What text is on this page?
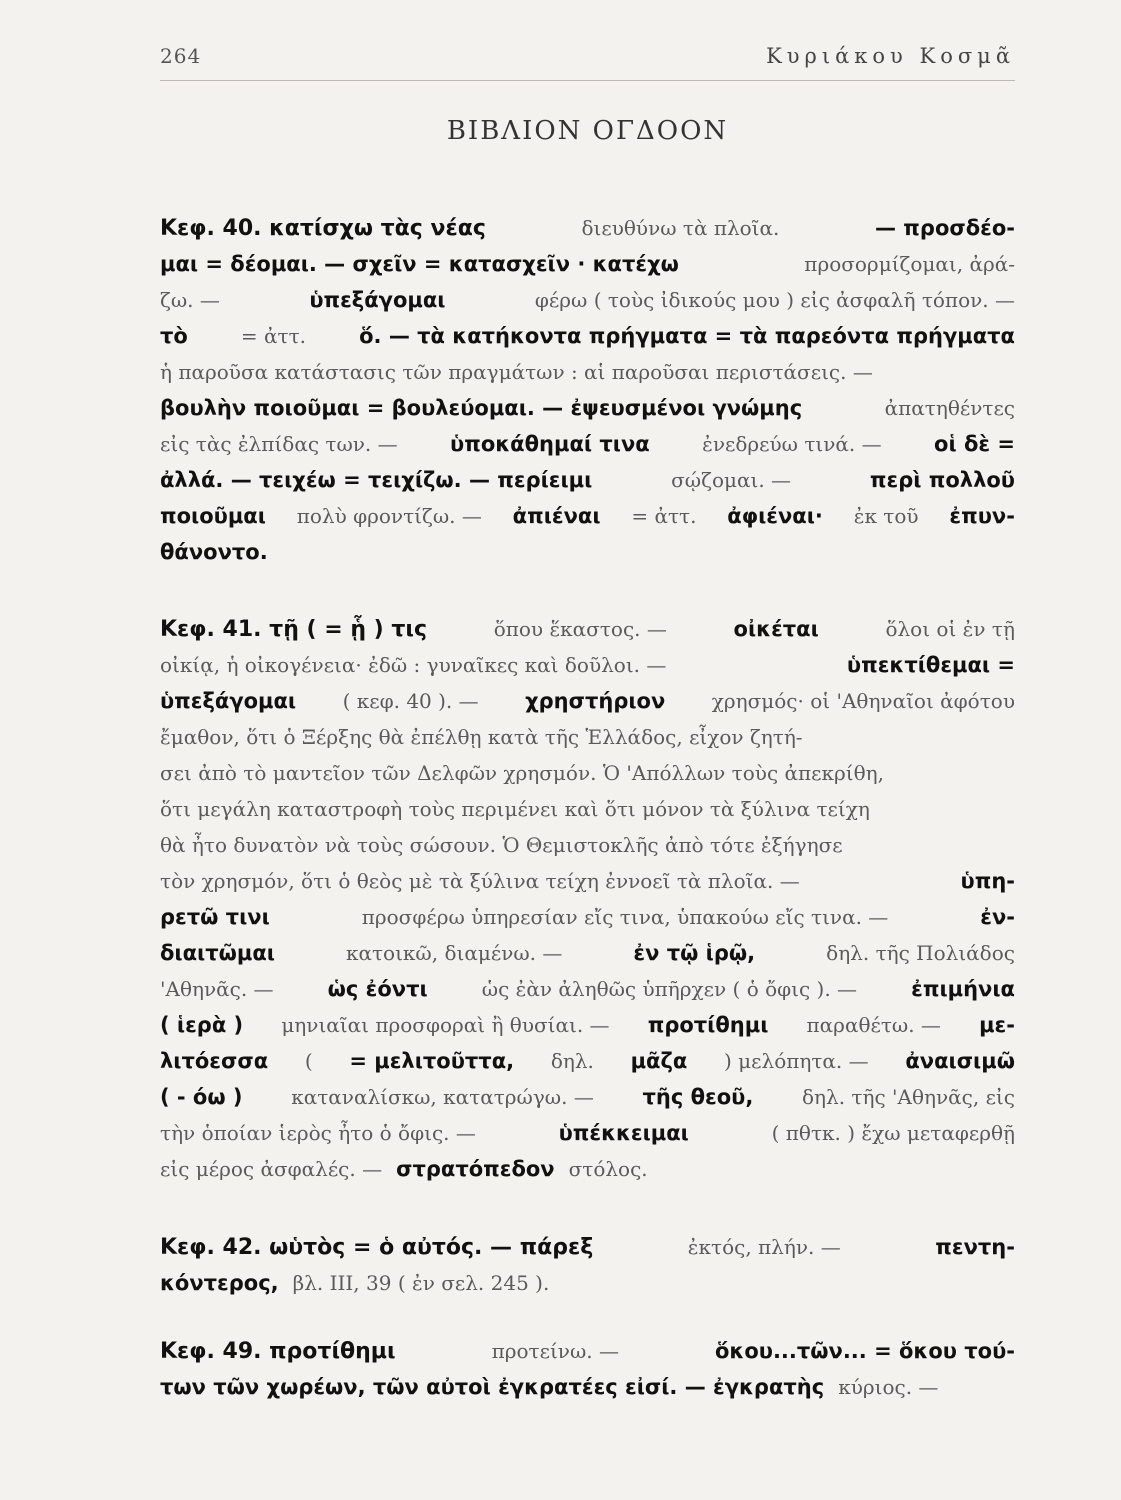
264	Κυριάκου Κοσμᾶ
ΒΙΒΛΙΟΝ ΟΓΔΟΟΝ
Κεφ. 40. κατίσχω τὰς νέας	διευθύνω τὰ πλοῖα.	— προσδέο-
μαι = δέομαι. — σχεῖν = κατασχεῖν · κατέχω	προσορμίζομαι, ἀρά-
ζω. —	ὑπεξάγομαι	φέρω ( τοὺς ἰδικούς μου ) εἰς ἀσφαλῆ τόπον. —
τὸ	= ἀττ.	ὅ. — τὰ κατήκοντα πρήγματα = τὰ παρεόντα πρήγματα
ἡ παροῦσα κατάστασις τῶν πραγμάτων : αἱ παροῦσαι περιστάσεις. —
βουλὴν ποιοῦμαι = βουλεύομαι. — ἐψευσμένοι γνώμης	ἀπατηθέντες
εἰς τὰς ἐλπίδας των. — ὑποκάθημαί τινα	ἐνεδρεύω τινά. — οἱ δὲ =
ἀλλά. — τειχέω = τειχίζω. — περίειμι	σῴζομαι. —	περὶ πολλοῦ
ποιοῦμαι πολὺ φροντίζω. — ἀπιέναι = ἀττ. ἀφιέναι· ἐκ τοῦ ἐπυν-
θάνοντο.
Κεφ. 41. τῇ ( = ᾗ ) τις	ὅπου ἕκαστος. —	οἰκέται	ὅλοι οἱ ἐν τῇ
οἰκίᾳ, ἡ οἰκογένεια· ἐδῶ : γυναῖκες καὶ δοῦλοι. —	ὑπεκτίθεμαι =
ὑπεξάγομαι ( κεφ. 40 ). — χρηστήριον χρησμός· οἱ 'Αθηναῖοι ἀφότου
ἔμαθον, ὅτι ὁ Ξέρξης θὰ ἐπέλθῃ κατὰ τῆς Ἑλλάδος, εἶχον ζητή-
σει ἀπὸ τὸ μαντεῖον τῶν Δελφῶν χρησμόν. Ὁ 'Απόλλων τοὺς ἀπεκρίθη,
ὅτι μεγάλη καταστροφὴ τοὺς περιμένει καὶ ὅτι μόνον τὰ ξύλινα τείχη
θὰ ἦτο δυνατὸν νὰ τοὺς σώσουν. Ὁ Θεμιστοκλῆς ἀπὸ τότε ἐξήγησε
τὸν χρησμόν, ὅτι ὁ θεὸς μὲ τὰ ξύλινα τείχη ἐννοεῖ τὰ πλοῖα. —	ὑπη-
ρετῶ τινι	προσφέρω ὑπηρεσίαν εἴς τινα, ὑπακούω εἴς τινα. —	ἐν-
διαιτῶμαι	κατοικῶ, διαμένω. —	ἐν τῷ ἱρῷ,	δηλ. τῆς Πολιάδος
'Αθηνᾶς. —	ὡς ἐόντι	ὡς ἐὰν ἀληθῶς ὑπῆρχεν ( ὁ ὄφις ). —	ἐπιμήνια
( ἱερὰ ) μηνιαῖαι προσφοραὶ ἢ θυσίαι. — προτίθημι παραθέτω. — με-
λιτόεσσα ( = μελιτοῦττα, δηλ. μᾶζα ) μελόπητα. — ἀναισιμῶ
( - όω ) καταναλίσκω, κατατρώγω. — τῆς θεοῦ, δηλ. τῆς 'Αθηνᾶς, εἰς
τὴν ὁποίαν ἱερὸς ἦτο ὁ ὄφις. —	ὑπέκκειμαι	( πθτκ. ) ἔχω μεταφερθῇ
εἰς μέρος ἀσφαλές. — στρατόπεδον στόλος.
Κεφ. 42. ωὑτὸς = ὁ αὐτός. — πάρεξ	ἐκτός, πλήν. —	πεντη-
κόντερος, βλ. III, 39 ( ἐν σελ. 245 ).
Κεφ. 49. προτίθημι	προτείνω. —	ὅκου...τῶν... = ὅκου τού-
των τῶν χωρέων, τῶν αὐτοὶ ἐγκρατέες εἰσί. — ἐγκρατὴς κύριος. —
